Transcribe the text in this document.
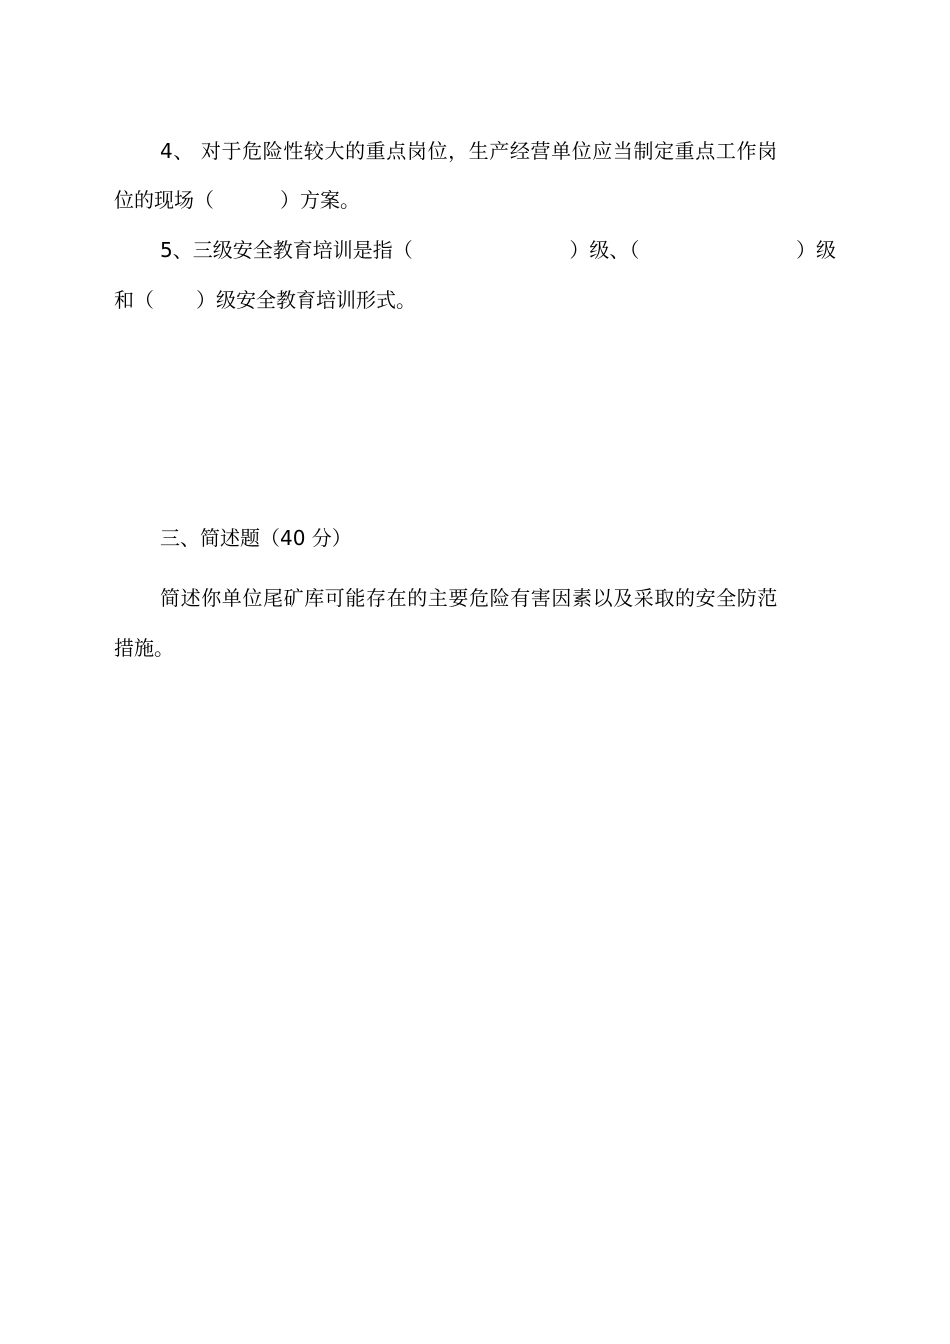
4、 对于危险性较大的重点岗位，生产经营单位应当制定重点工作岗
位的现场（	）方案。
5、三级安全教育培训是指（	）级、（	）级
和（ ）级安全教育培训形式。
三、简述题（40 分）
简述你单位尾矿库可能存在的主要危险有害因素以及采取的安全防范
措施。
